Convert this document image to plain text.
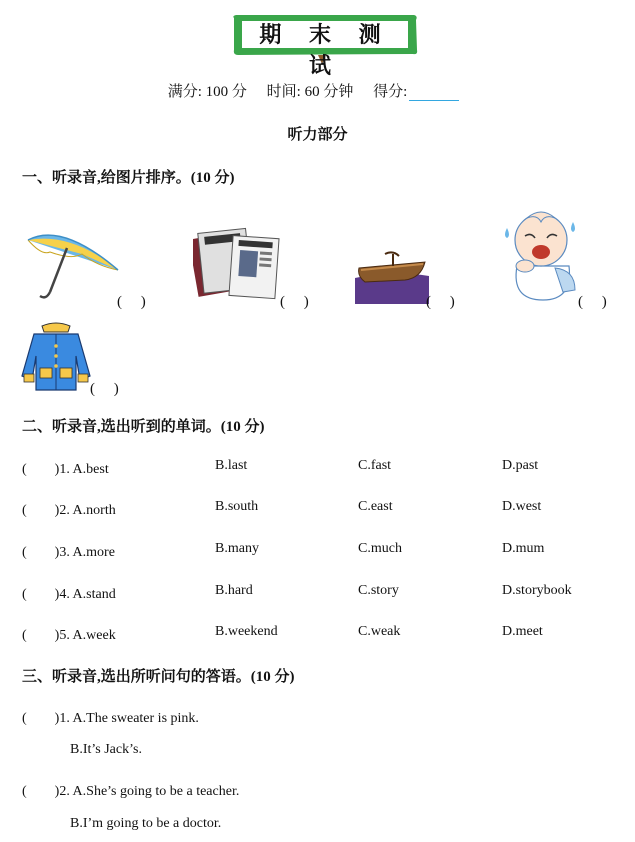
期 末 测 试
满分: 100 分 时间: 60 分钟 得分:
听力部分
一、听录音,给图片排序。(10 分)
(　 )	(　 )	(　 )	(　 )
(　 )
二、听录音,选出听到的单词。(10 分)
(　　)1. A.best	B.last	C.fast	D.past
(　　)2. A.north	B.south	C.east	D.west
(　　)3. A.more	B.many	C.much	D.mum
(　　)4. A.stand	B.hard	C.story	D.storybook
(　　)5. A.week	B.weekend	C.weak	D.meet
三、听录音,选出所听问句的答语。(10 分)
(　　)1. A.The sweater is pink.
B.It’s Jack’s.
(　　)2. A.She’s going to be a teacher.
B.I’m going to be a doctor.
